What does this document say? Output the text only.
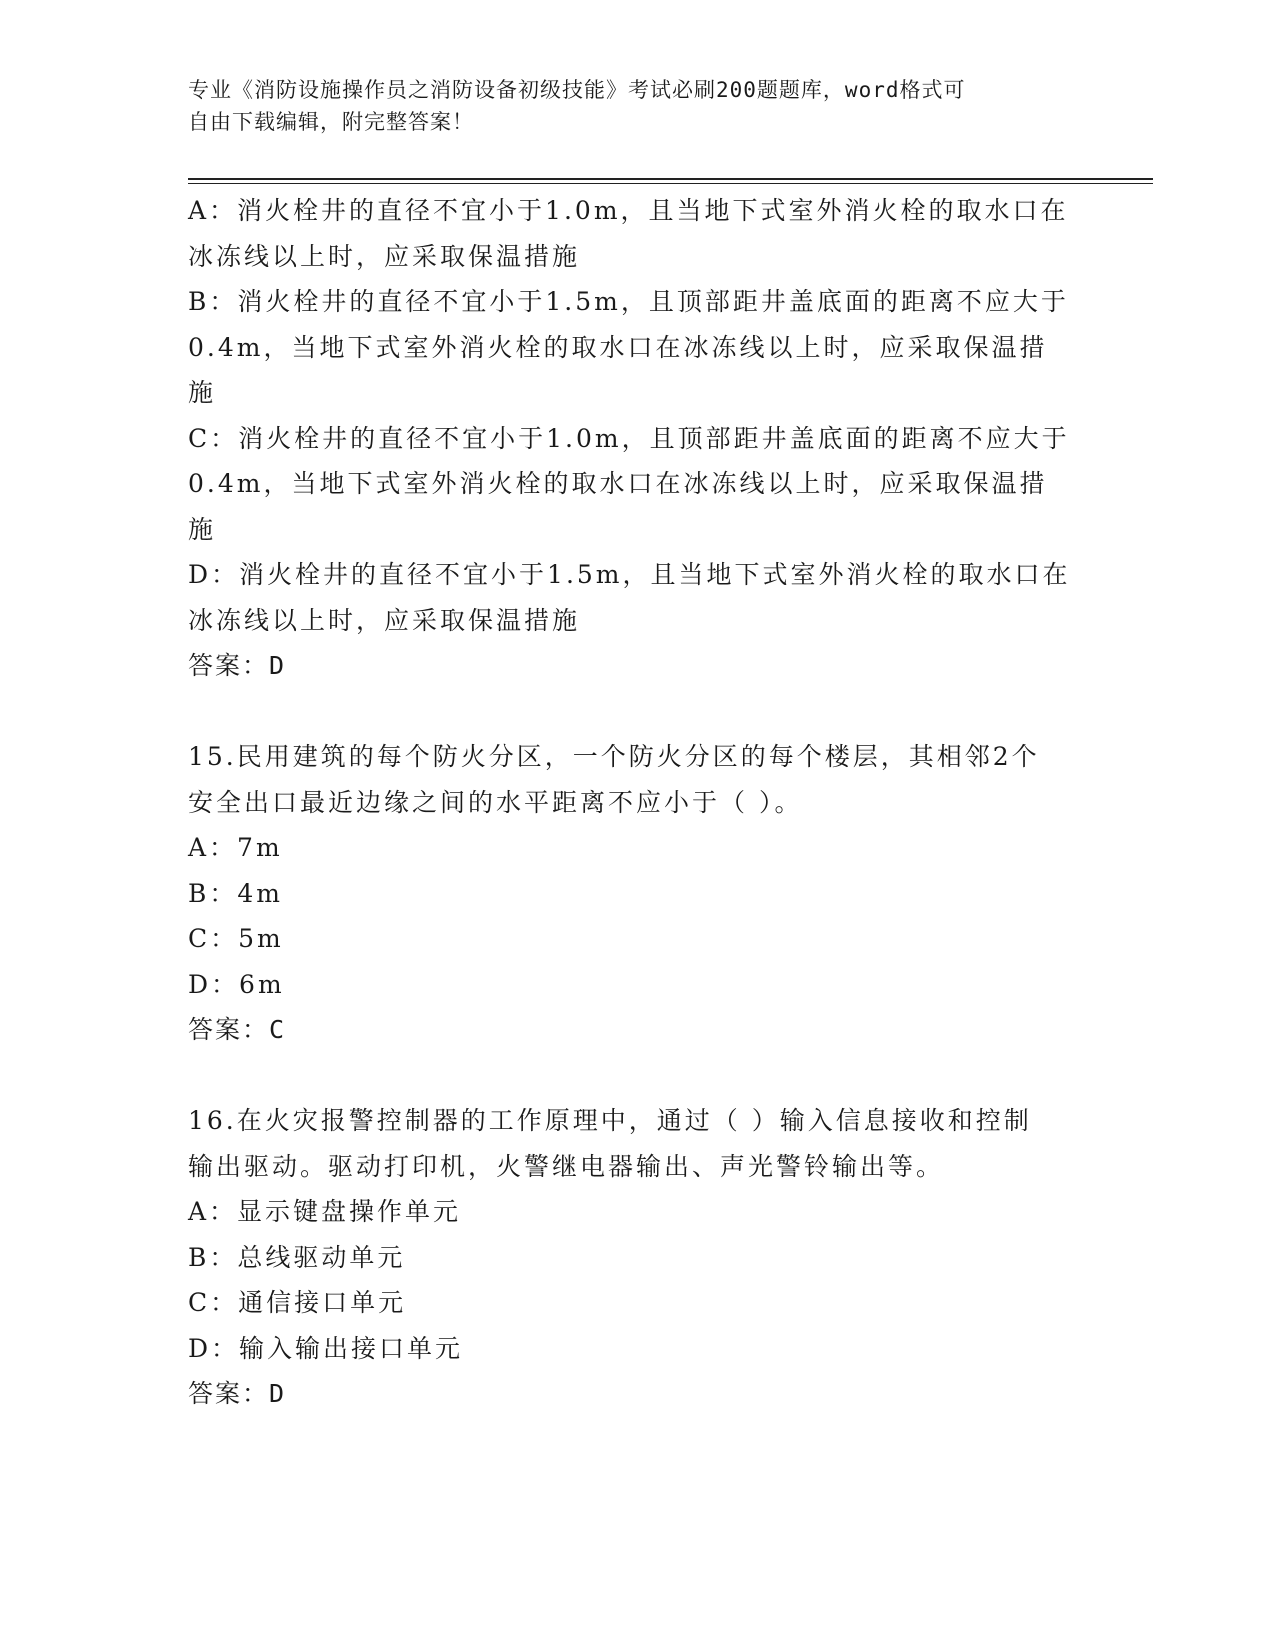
专业《消防设施操作员之消防设备初级技能》考试必刷200题题库，word格式可
自由下载编辑，附完整答案！
A：消火栓井的直径不宜小于1.0m，且当地下式室外消火栓的取水口在
冰冻线以上时，应采取保温措施
B：消火栓井的直径不宜小于1.5m，且顶部距井盖底面的距离不应大于
0.4m，当地下式室外消火栓的取水口在冰冻线以上时，应采取保温措
施
C：消火栓井的直径不宜小于1.0m，且顶部距井盖底面的距离不应大于
0.4m，当地下式室外消火栓的取水口在冰冻线以上时，应采取保温措
施
D：消火栓井的直径不宜小于1.5m，且当地下式室外消火栓的取水口在
冰冻线以上时，应采取保温措施
答案：D
15.民用建筑的每个防火分区，一个防火分区的每个楼层，其相邻2个
安全出口最近边缘之间的水平距离不应小于（ ）。
A：7m
B：4m
C：5m
D：6m
答案：C
16.在火灾报警控制器的工作原理中，通过（ ）输入信息接收和控制
输出驱动。驱动打印机，火警继电器输出、声光警铃输出等。
A：显示键盘操作单元
B：总线驱动单元
C：通信接口单元
D：输入输出接口单元
答案：D
